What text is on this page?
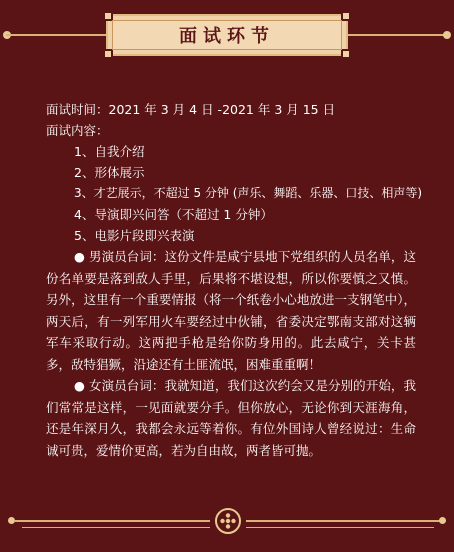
面试环节
面试时间：2021 年 3 月 4 日 -2021 年 3 月 15 日
面试内容：
1、自我介绍
2、形体展示
3、才艺展示，不超过 5 分钟 (声乐、舞蹈、乐器、口技、相声等)
4、导演即兴问答（不超过 1 分钟）
5、电影片段即兴表演
● 男演员台词：这份文件是咸宁县地下党组织的人员名单，这份名单要是落到敌人手里，后果将不堪设想，所以你要慎之又慎。另外，这里有一个重要情报（将一个纸卷小心地放进一支钢笔中），两天后，有一列军用火车要经过中伙铺，省委决定鄂南支部对这辆军车采取行动。这两把手枪是给你防身用的。此去咸宁，关卡甚多，敌特猖獗，沿途还有土匪流氓，困难重重啊！
● 女演员台词：我就知道，我们这次约会又是分别的开始，我们常常是这样，一见面就要分手。但你放心，无论你到天涯海角，还是年深月久，我都会永远等着你。有位外国诗人曾经说过：生命诚可贵，爱情价更高，若为自由故，两者皆可抛。
